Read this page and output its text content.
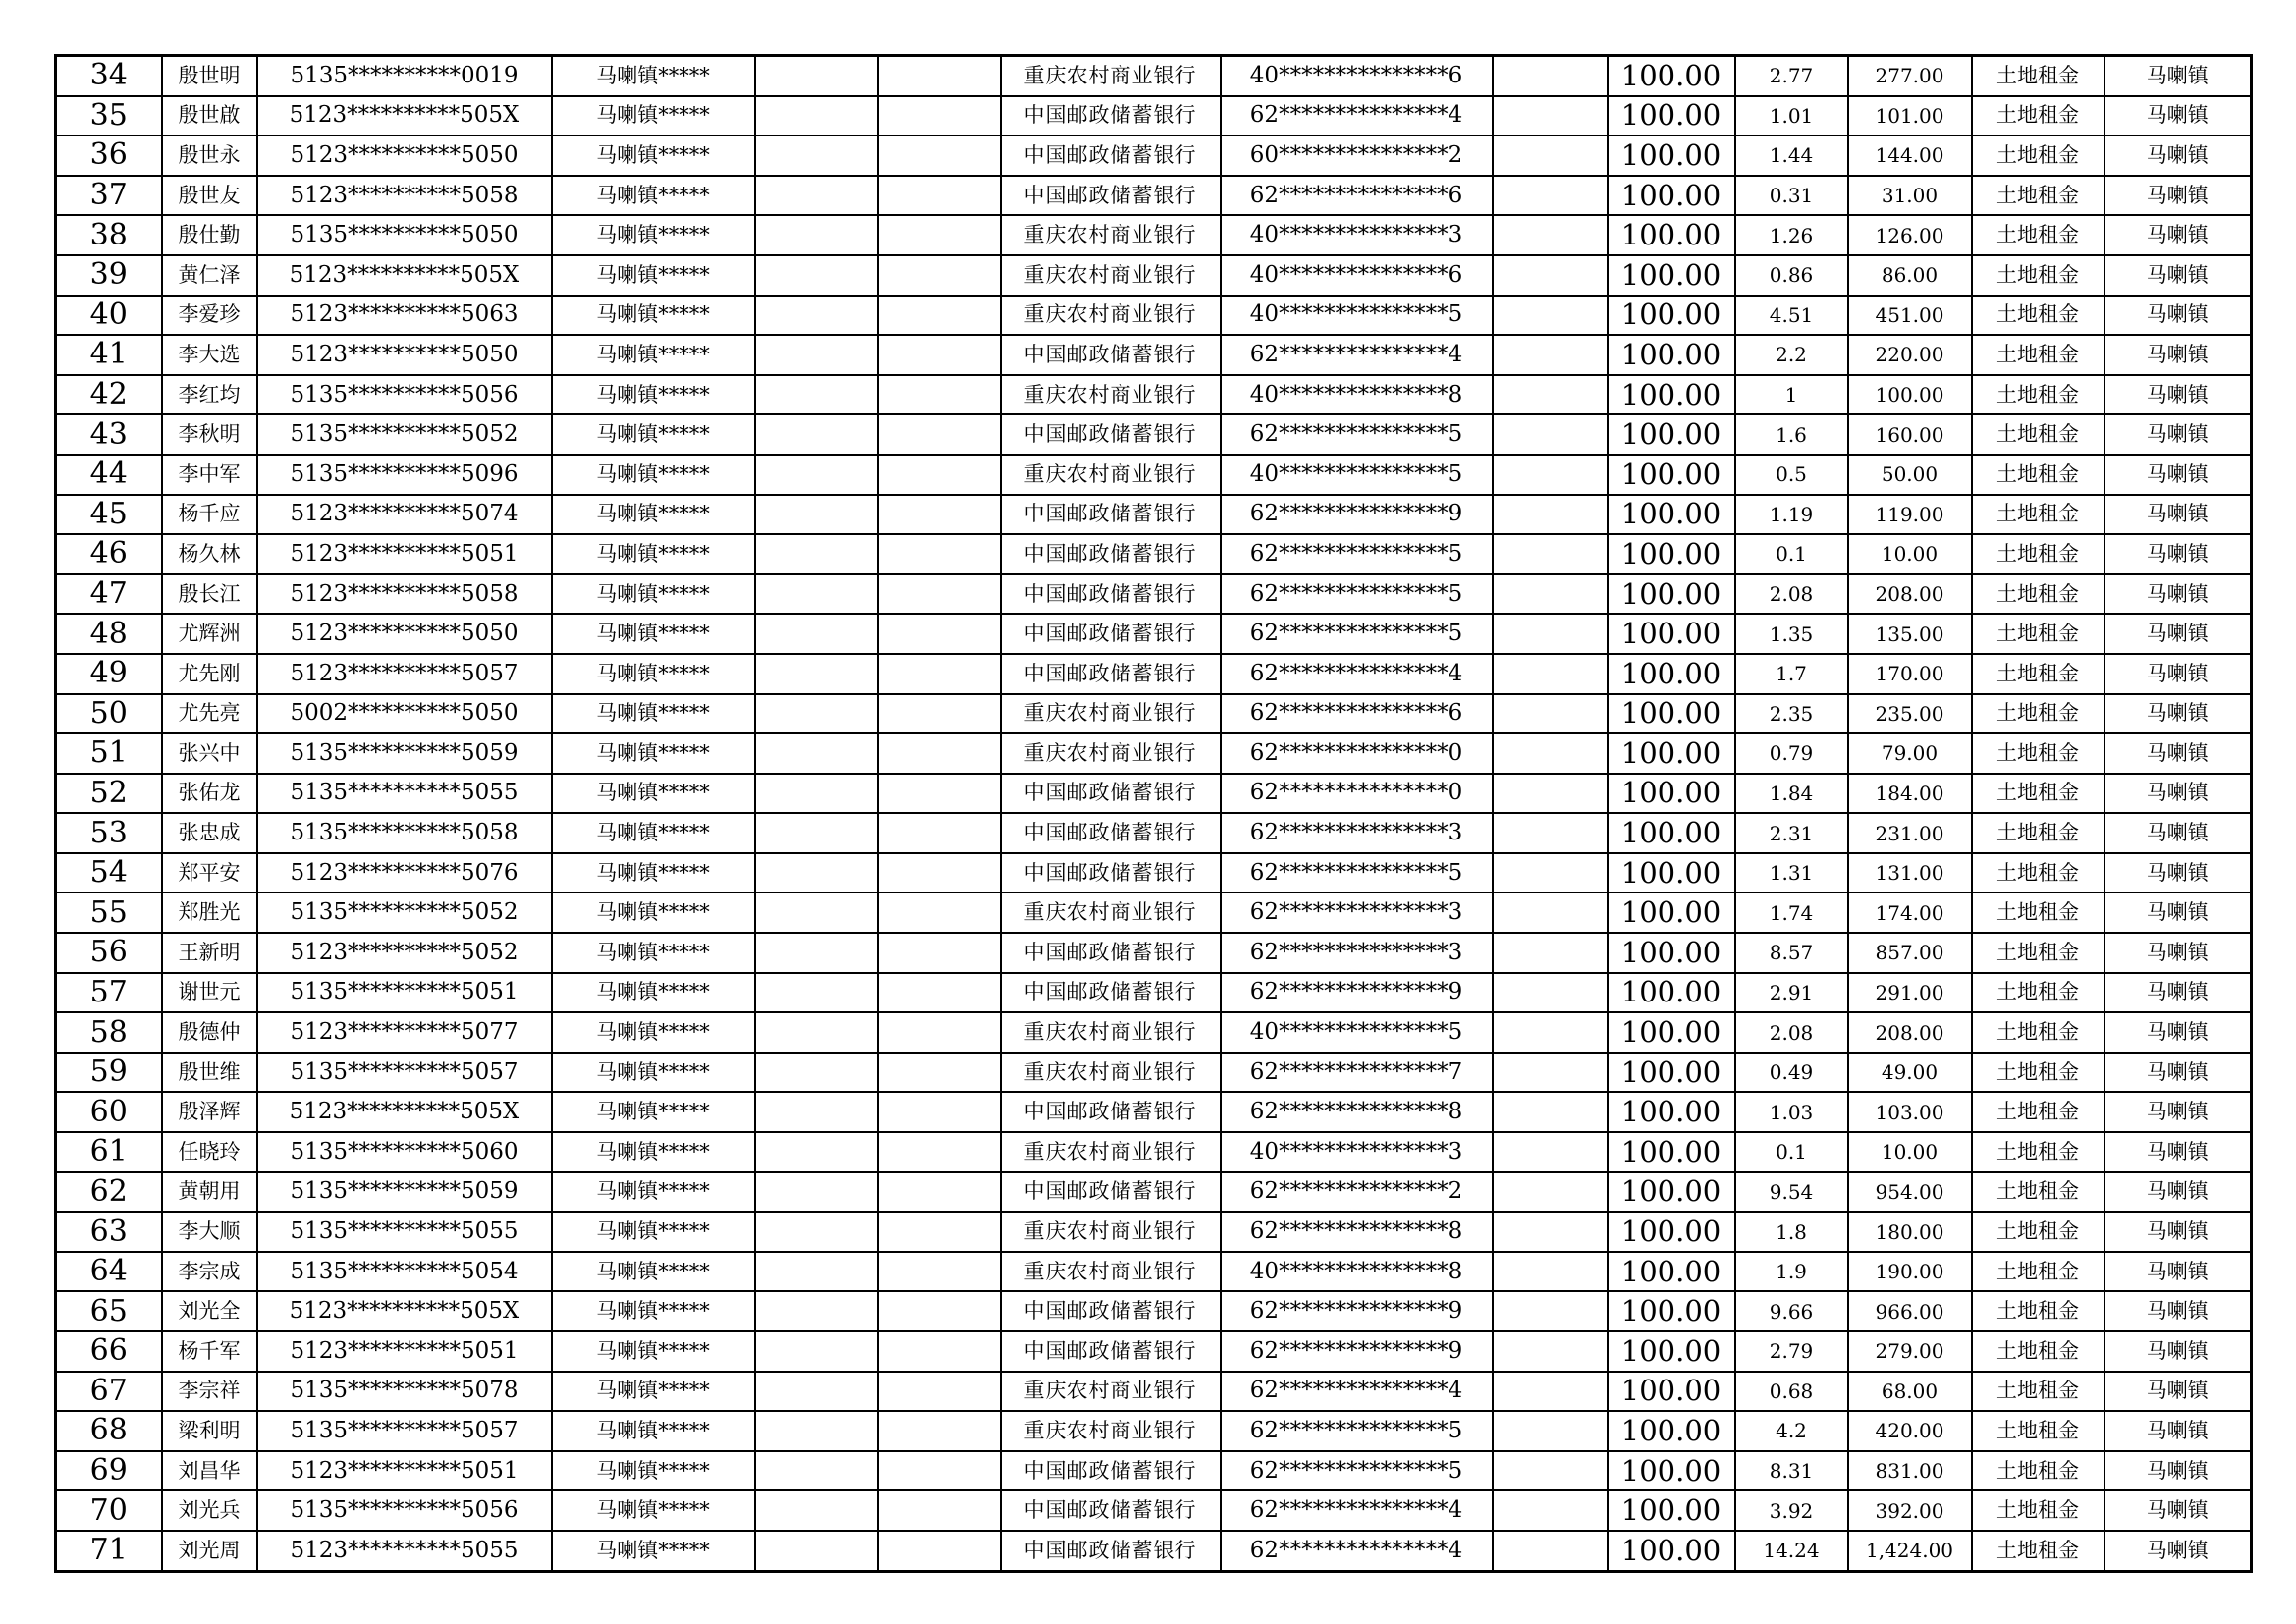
34	殷世明	5135**********0019	马喇镇*****			重庆农村商业银行	40***************6		100.00	2.77	277.00	土地租金	马喇镇
35	殷世啟	5123**********505X	马喇镇*****			中国邮政储蓄银行	62***************4		100.00	1.01	101.00	土地租金	马喇镇
36	殷世永	5123**********5050	马喇镇*****			中国邮政储蓄银行	60***************2		100.00	1.44	144.00	土地租金	马喇镇
37	殷世友	5123**********5058	马喇镇*****			中国邮政储蓄银行	62***************6		100.00	0.31	31.00	土地租金	马喇镇
38	殷仕勤	5135**********5050	马喇镇*****			重庆农村商业银行	40***************3		100.00	1.26	126.00	土地租金	马喇镇
39	黄仁泽	5123**********505X	马喇镇*****			重庆农村商业银行	40***************6		100.00	0.86	86.00	土地租金	马喇镇
40	李爱珍	5123**********5063	马喇镇*****			重庆农村商业银行	40***************5		100.00	4.51	451.00	土地租金	马喇镇
41	李大选	5123**********5050	马喇镇*****			中国邮政储蓄银行	62***************4		100.00	2.2	220.00	土地租金	马喇镇
42	李红均	5135**********5056	马喇镇*****			重庆农村商业银行	40***************8		100.00	1	100.00	土地租金	马喇镇
43	李秋明	5135**********5052	马喇镇*****			中国邮政储蓄银行	62***************5		100.00	1.6	160.00	土地租金	马喇镇
44	李中军	5135**********5096	马喇镇*****			重庆农村商业银行	40***************5		100.00	0.5	50.00	土地租金	马喇镇
45	杨千应	5123**********5074	马喇镇*****			中国邮政储蓄银行	62***************9		100.00	1.19	119.00	土地租金	马喇镇
46	杨久林	5123**********5051	马喇镇*****			中国邮政储蓄银行	62***************5		100.00	0.1	10.00	土地租金	马喇镇
47	殷长江	5123**********5058	马喇镇*****			中国邮政储蓄银行	62***************5		100.00	2.08	208.00	土地租金	马喇镇
48	尤辉洲	5123**********5050	马喇镇*****			中国邮政储蓄银行	62***************5		100.00	1.35	135.00	土地租金	马喇镇
49	尤先刚	5123**********5057	马喇镇*****			中国邮政储蓄银行	62***************4		100.00	1.7	170.00	土地租金	马喇镇
50	尤先亮	5002**********5050	马喇镇*****			重庆农村商业银行	62***************6		100.00	2.35	235.00	土地租金	马喇镇
51	张兴中	5135**********5059	马喇镇*****			重庆农村商业银行	62***************0		100.00	0.79	79.00	土地租金	马喇镇
52	张佑龙	5135**********5055	马喇镇*****			中国邮政储蓄银行	62***************0		100.00	1.84	184.00	土地租金	马喇镇
53	张忠成	5135**********5058	马喇镇*****			中国邮政储蓄银行	62***************3		100.00	2.31	231.00	土地租金	马喇镇
54	郑平安	5123**********5076	马喇镇*****			中国邮政储蓄银行	62***************5		100.00	1.31	131.00	土地租金	马喇镇
55	郑胜光	5135**********5052	马喇镇*****			重庆农村商业银行	62***************3		100.00	1.74	174.00	土地租金	马喇镇
56	王新明	5123**********5052	马喇镇*****			中国邮政储蓄银行	62***************3		100.00	8.57	857.00	土地租金	马喇镇
57	谢世元	5135**********5051	马喇镇*****			中国邮政储蓄银行	62***************9		100.00	2.91	291.00	土地租金	马喇镇
58	殷德仲	5123**********5077	马喇镇*****			重庆农村商业银行	40***************5		100.00	2.08	208.00	土地租金	马喇镇
59	殷世维	5135**********5057	马喇镇*****			重庆农村商业银行	62***************7		100.00	0.49	49.00	土地租金	马喇镇
60	殷泽辉	5123**********505X	马喇镇*****			中国邮政储蓄银行	62***************8		100.00	1.03	103.00	土地租金	马喇镇
61	任晓玲	5135**********5060	马喇镇*****			重庆农村商业银行	40***************3		100.00	0.1	10.00	土地租金	马喇镇
62	黄朝用	5135**********5059	马喇镇*****			中国邮政储蓄银行	62***************2		100.00	9.54	954.00	土地租金	马喇镇
63	李大顺	5135**********5055	马喇镇*****			重庆农村商业银行	62***************8		100.00	1.8	180.00	土地租金	马喇镇
64	李宗成	5135**********5054	马喇镇*****			重庆农村商业银行	40***************8		100.00	1.9	190.00	土地租金	马喇镇
65	刘光全	5123**********505X	马喇镇*****			中国邮政储蓄银行	62***************9		100.00	9.66	966.00	土地租金	马喇镇
66	杨千军	5123**********5051	马喇镇*****			中国邮政储蓄银行	62***************9		100.00	2.79	279.00	土地租金	马喇镇
67	李宗祥	5135**********5078	马喇镇*****			重庆农村商业银行	62***************4		100.00	0.68	68.00	土地租金	马喇镇
68	梁利明	5135**********5057	马喇镇*****			重庆农村商业银行	62***************5		100.00	4.2	420.00	土地租金	马喇镇
69	刘昌华	5123**********5051	马喇镇*****			中国邮政储蓄银行	62***************5		100.00	8.31	831.00	土地租金	马喇镇
70	刘光兵	5135**********5056	马喇镇*****			中国邮政储蓄银行	62***************4		100.00	3.92	392.00	土地租金	马喇镇
71	刘光周	5123**********5055	马喇镇*****			中国邮政储蓄银行	62***************4		100.00	14.24	1,424.00	土地租金	马喇镇
